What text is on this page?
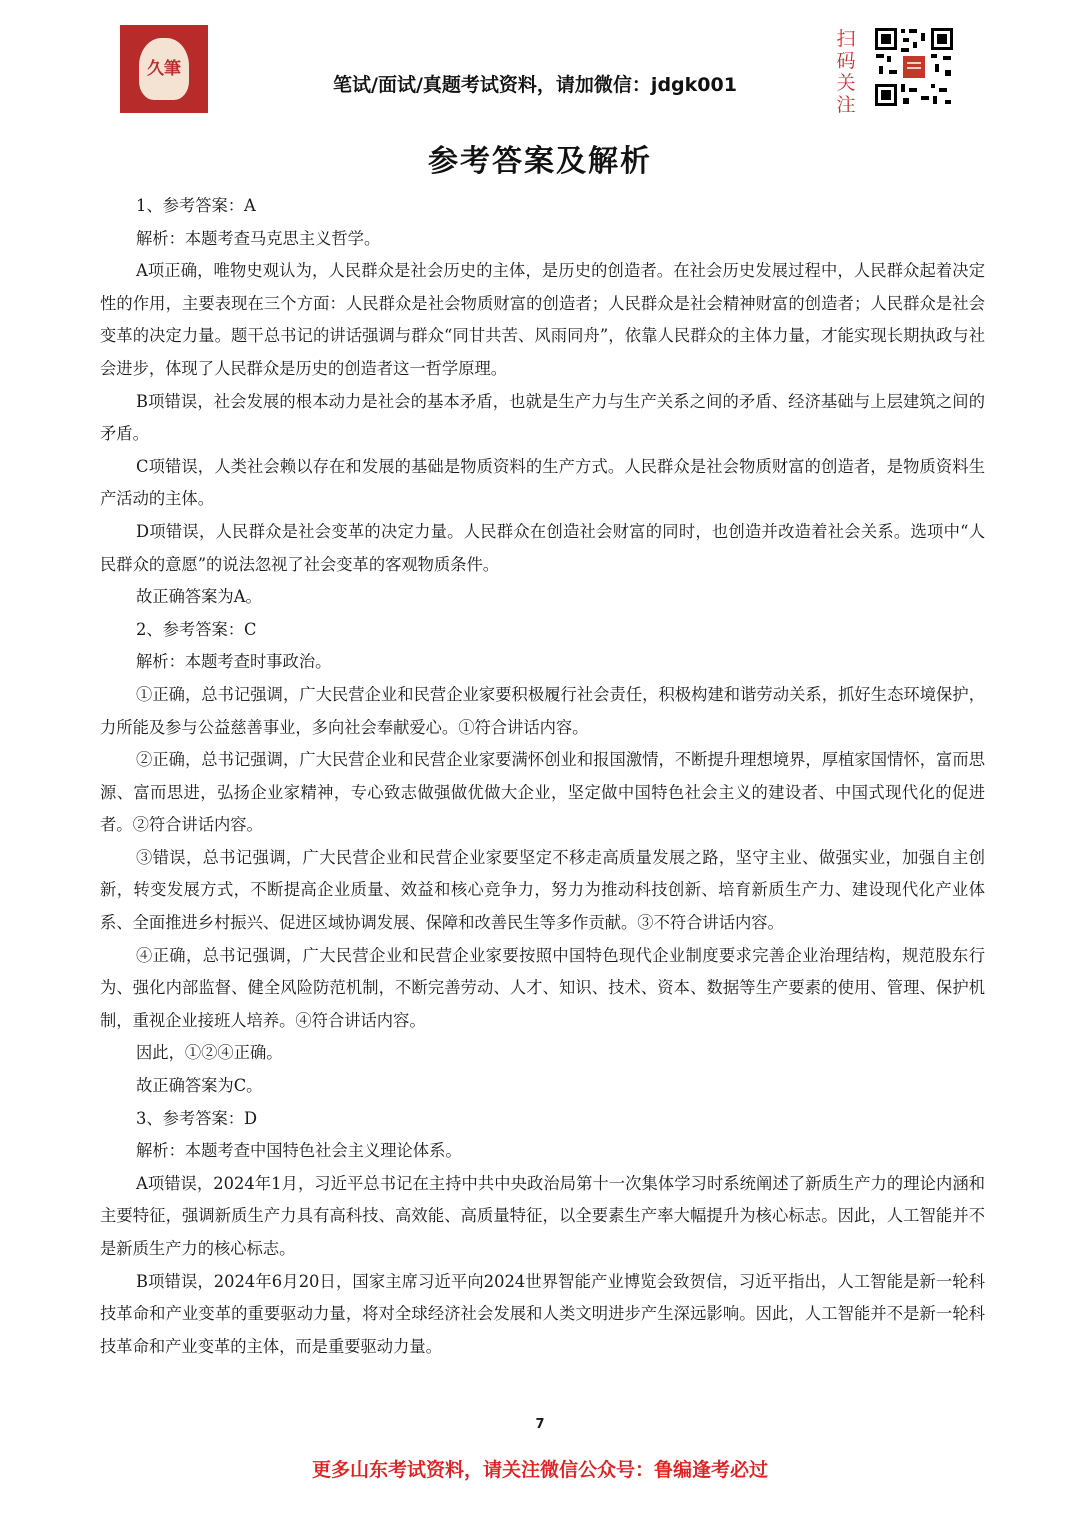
久筆
笔试/面试/真题考试资料，请加微信：jdgk001
扫
码
关
注
参考答案及解析

1、参考答案：A

解析：本题考查马克思主义哲学。

A项正确，唯物史观认为，人民群众是社会历史的主体，是历史的创造者。在社会历史发展过程中，人民群众起着决定性的作用，主要表现在三个方面：人民群众是社会物质财富的创造者；人民群众是社会精神财富的创造者；人民群众是社会变革的决定力量。题干总书记的讲话强调与群众“同甘共苦、风雨同舟”，依靠人民群众的主体力量，才能实现长期执政与社会进步，体现了人民群众是历史的创造者这一哲学原理。

B项错误，社会发展的根本动力是社会的基本矛盾，也就是生产力与生产关系之间的矛盾、经济基础与上层建筑之间的矛盾。

C项错误，人类社会赖以存在和发展的基础是物质资料的生产方式。人民群众是社会物质财富的创造者，是物质资料生产活动的主体。

D项错误，人民群众是社会变革的决定力量。人民群众在创造社会财富的同时，也创造并改造着社会关系。选项中“人民群众的意愿”的说法忽视了社会变革的客观物质条件。

故正确答案为A。

2、参考答案：C

解析：本题考查时事政治。

①正确，总书记强调，广大民营企业和民营企业家要积极履行社会责任，积极构建和谐劳动关系，抓好生态环境保护，力所能及参与公益慈善事业，多向社会奉献爱心。①符合讲话内容。

②正确，总书记强调，广大民营企业和民营企业家要满怀创业和报国激情，不断提升理想境界，厚植家国情怀，富而思源、富而思进，弘扬企业家精神，专心致志做强做优做大企业，坚定做中国特色社会主义的建设者、中国式现代化的促进者。②符合讲话内容。

③错误，总书记强调，广大民营企业和民营企业家要坚定不移走高质量发展之路，坚守主业、做强实业，加强自主创新，转变发展方式，不断提高企业质量、效益和核心竞争力，努力为推动科技创新、培育新质生产力、建设现代化产业体系、全面推进乡村振兴、促进区域协调发展、保障和改善民生等多作贡献。③不符合讲话内容。

④正确，总书记强调，广大民营企业和民营企业家要按照中国特色现代企业制度要求完善企业治理结构，规范股东行为、强化内部监督、健全风险防范机制，不断完善劳动、人才、知识、技术、资本、数据等生产要素的使用、管理、保护机制，重视企业接班人培养。④符合讲话内容。

因此，①②④正确。

故正确答案为C。

3、参考答案：D

解析：本题考查中国特色社会主义理论体系。

A项错误，2024年1月，习近平总书记在主持中共中央政治局第十一次集体学习时系统阐述了新质生产力的理论内涵和主要特征，强调新质生产力具有高科技、高效能、高质量特征，以全要素生产率大幅提升为核心标志。因此，人工智能并不是新质生产力的核心标志。

B项错误，2024年6月20日，国家主席习近平向2024世界智能产业博览会致贺信，习近平指出，人工智能是新一轮科技革命和产业变革的重要驱动力量，将对全球经济社会发展和人类文明进步产生深远影响。因此，人工智能并不是新一轮科技革命和产业变革的主体，而是重要驱动力量。

7
更多山东考试资料，请关注微信公众号：鲁编逢考必过
